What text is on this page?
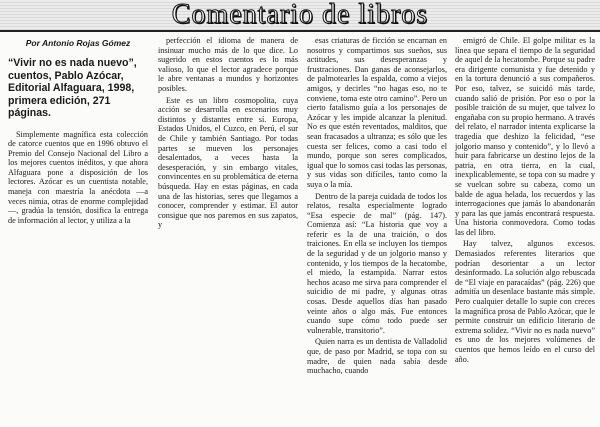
Comentario de libros
Por Antonio Rojas Gómez
“Vivir no es nada nuevo”, cuentos, Pablo Azócar, Editorial Alfaguara, 1998, primera edición, 271 páginas.

Simplemente magnífica esta colección de catorce cuentos que en 1996 obtuvo el Premio del Consejo Nacional del Libro a los mejores cuentos inéditos, y que ahora Alfaguara pone a disposición de los lectores. Azócar es un cuentista notable, maneja con maestría la anécdota —a veces nimia, otras de enorme complejidad—, gradúa la tensión, dosifica la entrega de información al lector, y utiliza a la

perfección el idioma de manera de insinuar mucho más de lo que dice. Lo sugerido en estos cuentos es lo más valioso, lo que el lector agradece porque le abre ventanas a mundos y horizontes posibles.

Este es un libro cosmopolita, cuya acción se desarrolla en escenarios muy distintos y distantes entre sí. Europa, Estados Unidos, el Cuzco, en Perú, el sur de Chile y también Santiago. Por todas partes se mueven los personajes desalentados, a veces hasta la desesperación, y sin embargo vitales, convincentes en su problemática de eterna búsqueda. Hay en estas páginas, en cada una de las historias, seres que llegamos a conocer, comprender y estimar. El autor consigue que nos paremos en sus zapatos, y

esas criaturas de ficción se encarnan en nosotros y compartimos sus sueños, sus actitudes, sus desesperanzas y frustraciones. Dan ganas de aconsejarlos, de palmotearles la espalda, como a viejos amigos, y decirles “no hagas eso, no te conviene, toma este otro camino”. Pero un cierto fatalismo guía a los personajes de Azócar y les impide alcanzar la plenitud. No es que estén reventados, malditos, que sean fracasados a ultranza; es sólo que les cuesta ser felices, como a casi todo el mundo, porque son seres complicados, igual que lo somos casi todas las personas, y sus vidas son difíciles, tanto como la suya o la mía.

Dentro de la pareja cuidada de todos los relatos, resalta especialmente logrado “Esa especie de mal” (pág. 147). Comienza así: “La historia que voy a referir es la de una traición, o dos traiciones. En ella se incluyen los tiempos de la seguridad y de un jolgorio manso y contenido, y los tiempos de la hecatombe, el miedo, la estampida. Narrar estos hechos acaso me sirva para comprender el suicidio de mi padre, y algunas otras cosas. Desde aquellos días han pasado veinte años o algo más. Fue entonces cuando supe cómo todo puede ser vulnerable, transitorio”.

Quien narra es un dentista de Valladolid que, de paso por Madrid, se topa con su madre, de quien nada sabía desde muchacho, cuando

emigró de Chile. El golpe militar es la línea que separa el tiempo de la seguridad de aquel de la hecatombe. Porque su padre era dirigente comunista y fue detenido y en la tortura denunció a sus compañeros. Por eso, talvez, se suicidó más tarde, cuando salió de prisión. Por eso o por la posible traición de su mujer, que talvez lo engañaba con su propio hermano. A través del relato, el narrador intenta explicarse la tragedia que deshizo la felicidad, “ese jolgorio manso y contenido”, y lo llevó a huir para fabricarse un destino lejos de la patria, en otra tierra, en la cual, inexplicablemente, se topa con su madre y se vuelcan sobre su cabeza, como un balde de agua helada, los recuerdos y las interrogaciones que jamás lo abandonarán y para las que jamás encontrará respuesta. Una historia conmovedora. Como todas las del libro.

Hay talvez, algunos excesos. Demasiados referentes literarios que podrían desorientar a un lector desinformado. La solución algo rebuscada de “El viaje en paracaídas” (pág. 226) que admitía un desenlace bastante más simple. Pero cualquier detalle lo supie con creces la magnífica prosa de Pablo Azócar, que le permite construir un edificio literario de extrema solidez. “Vivir no es nada nuevo” es uno de los mejores volúmenes de cuentos que hemos leído en el curso del año.
